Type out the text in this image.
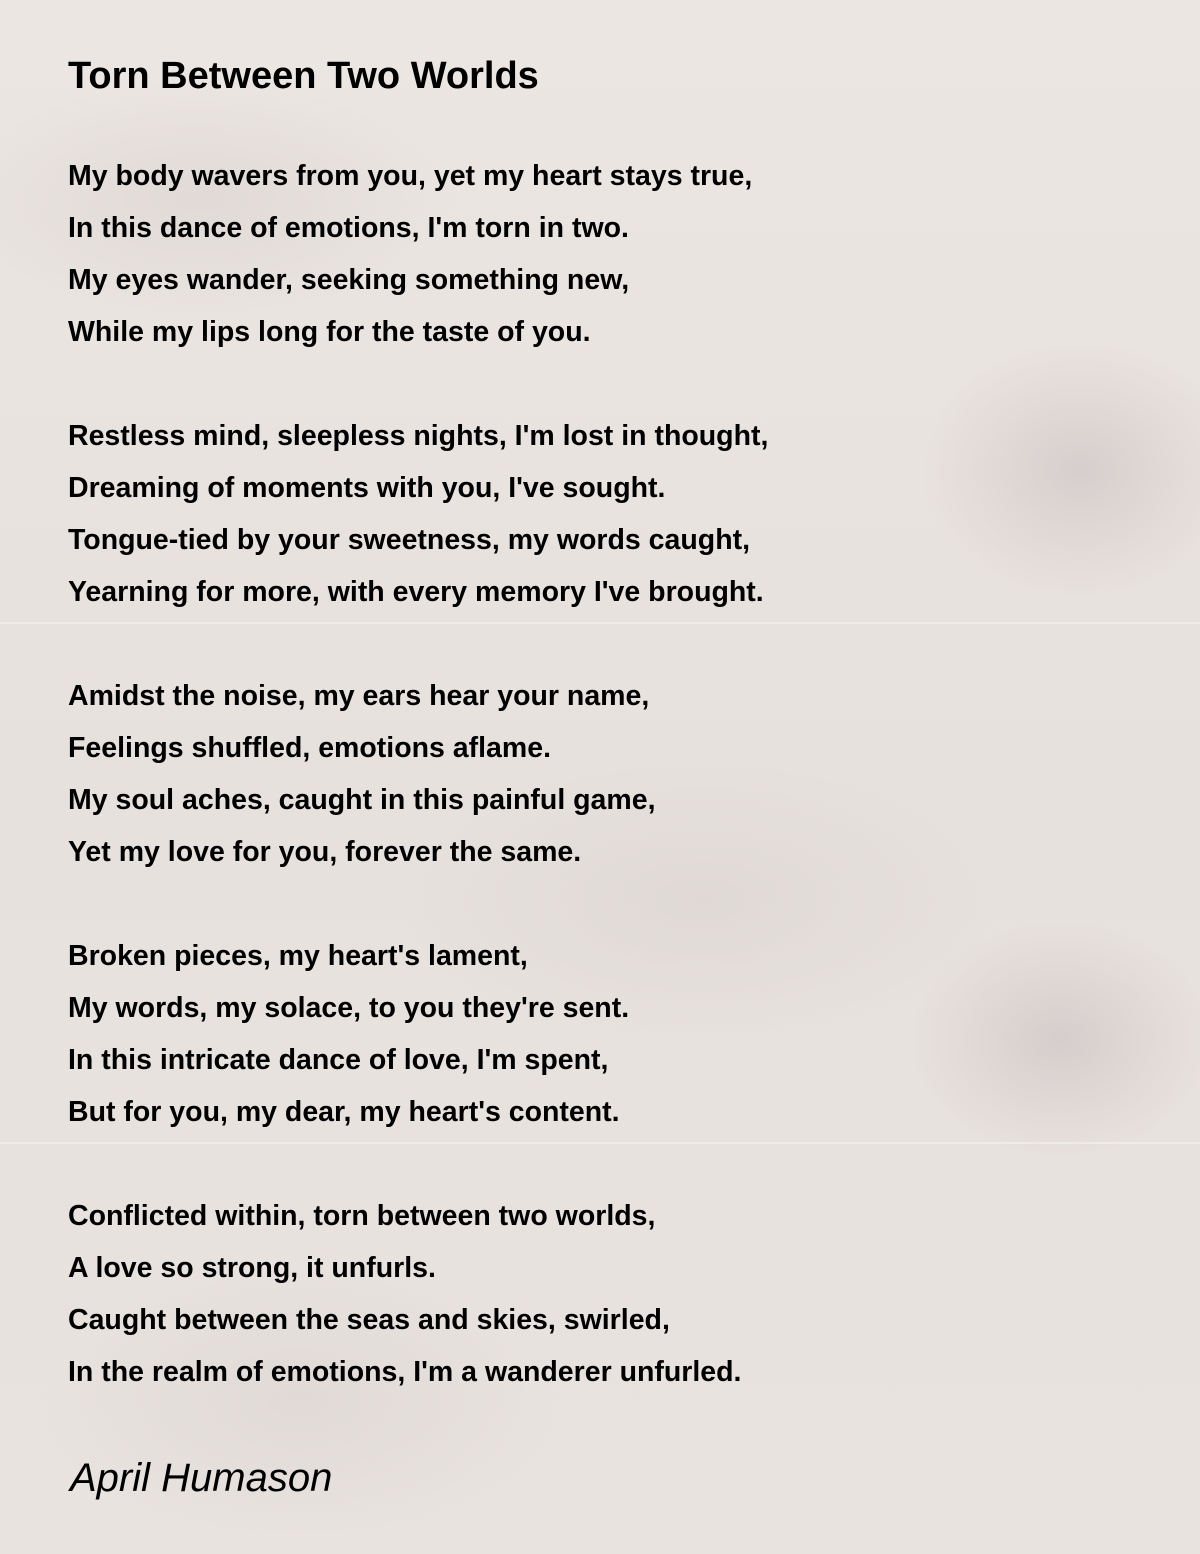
Torn Between Two Worlds
My body wavers from you, yet my heart stays true,
In this dance of emotions, I'm torn in two.
My eyes wander, seeking something new,
While my lips long for the taste of you.
Restless mind, sleepless nights, I'm lost in thought,
Dreaming of moments with you, I've sought.
Tongue-tied by your sweetness, my words caught,
Yearning for more, with every memory I've brought.
Amidst the noise, my ears hear your name,
Feelings shuffled, emotions aflame.
My soul aches, caught in this painful game,
Yet my love for you, forever the same.
Broken pieces, my heart's lament,
My words, my solace, to you they're sent.
In this intricate dance of love, I'm spent,
But for you, my dear, my heart's content.
Conflicted within, torn between two worlds,
A love so strong, it unfurls.
Caught between the seas and skies, swirled,
In the realm of emotions, I'm a wanderer unfurled.
April Humason
